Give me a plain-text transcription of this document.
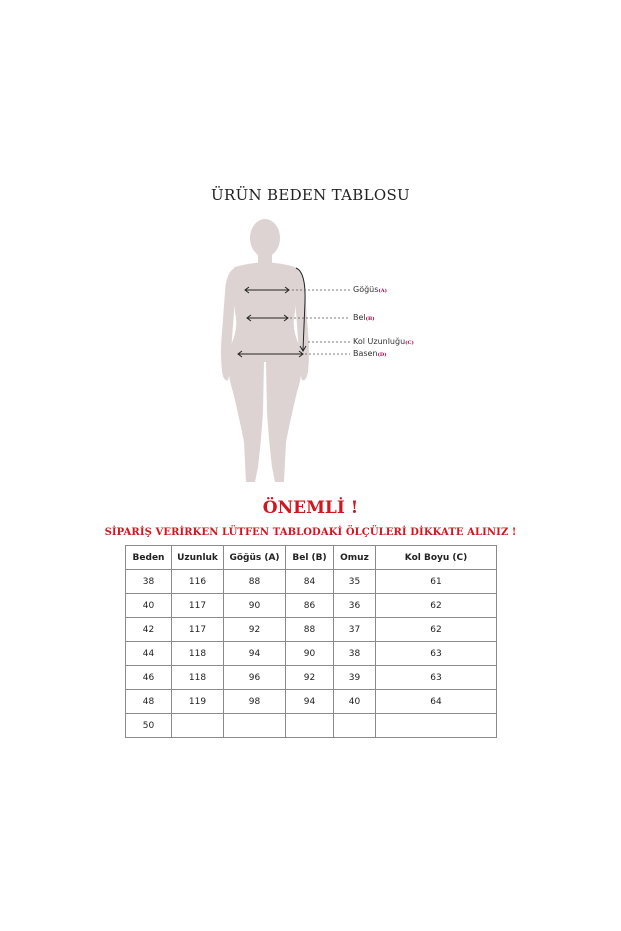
ÜRÜN BEDEN TABLOSU
Göğüs(A)
Bel(B)
Kol Uzunluğu(C)
Basen(D)
ÖNEMLİ !
SİPARİŞ VERİRKEN LÜTFEN TABLODAKİ ÖLÇÜLERİ DİKKATE ALINIZ !
Beden	Uzunluk	Göğüs (A)	Bel (B)	Omuz	Kol Boyu (C)
38	116	88	84	35	61
40	117	90	86	36	62
42	117	92	88	37	62
44	118	94	90	38	63
46	118	96	92	39	63
48	119	98	94	40	64
50					
